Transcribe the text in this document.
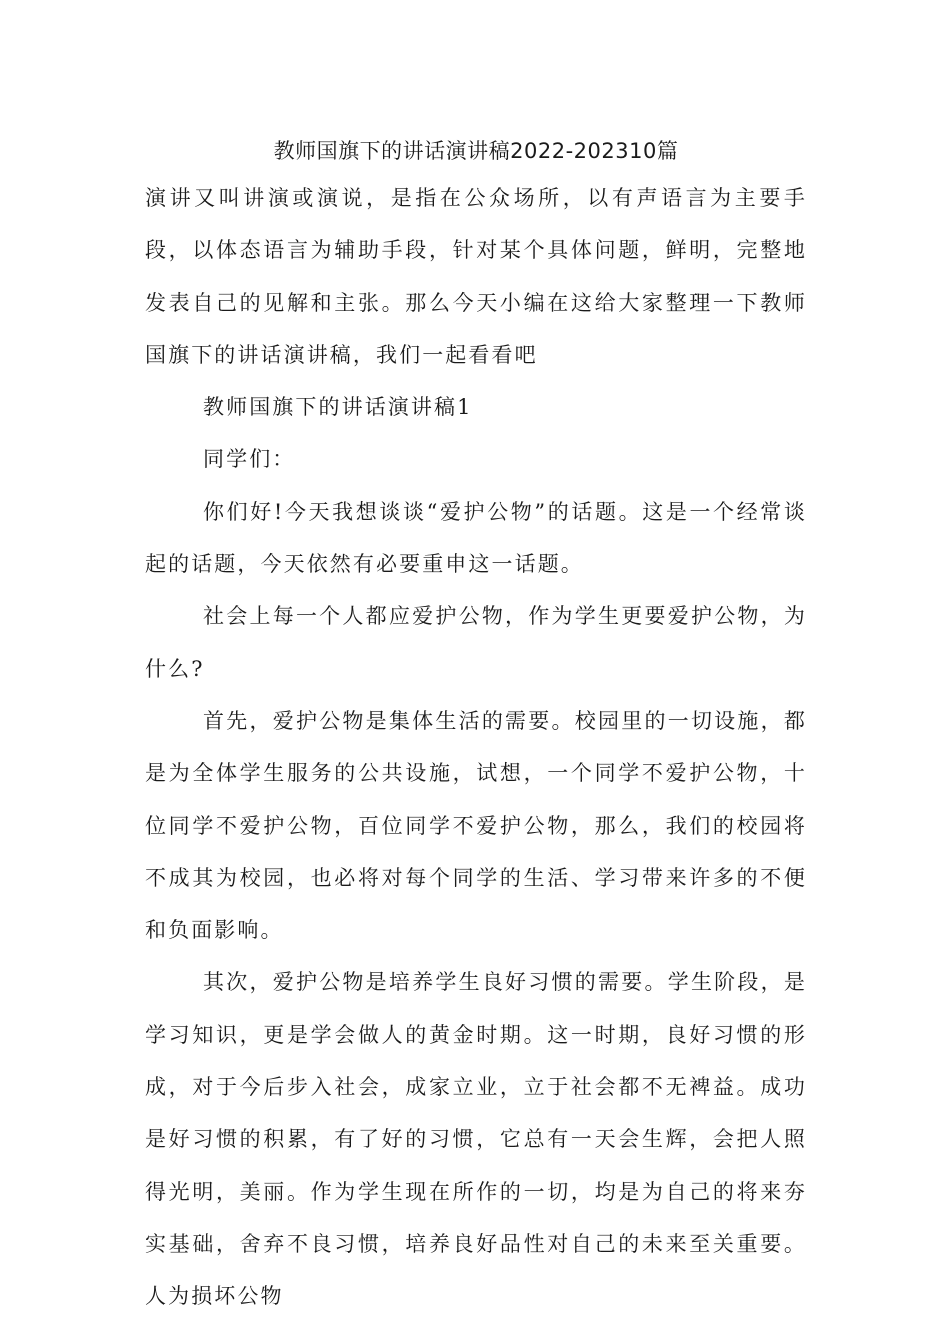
教师国旗下的讲话演讲稿2022-202310篇

演讲又叫讲演或演说，是指在公众场所，以有声语言为主要手段，以体态语言为辅助手段，针对某个具体问题，鲜明，完整地发表自己的见解和主张。那么今天小编在这给大家整理一下教师国旗下的讲话演讲稿，我们一起看看吧

教师国旗下的讲话演讲稿1

同学们：

你们好!今天我想谈谈“爱护公物”的话题。这是一个经常谈起的话题，今天依然有必要重申这一话题。

社会上每一个人都应爱护公物，作为学生更要爱护公物，为什么?

首先，爱护公物是集体生活的需要。校园里的一切设施，都是为全体学生服务的公共设施，试想，一个同学不爱护公物，十位同学不爱护公物，百位同学不爱护公物，那么，我们的校园将不成其为校园，也必将对每个同学的生活、学习带来许多的不便和负面影响。

其次，爱护公物是培养学生良好习惯的需要。学生阶段，是学习知识，更是学会做人的黄金时期。这一时期，良好习惯的形成，对于今后步入社会，成家立业，立于社会都不无裨益。成功是好习惯的积累，有了好的习惯，它总有一天会生辉，会把人照得光明，美丽。作为学生现在所作的一切，均是为自己的将来夯实基础，舍弃不良习惯，培养良好品性对自己的未来至关重要。人为损坏公物
